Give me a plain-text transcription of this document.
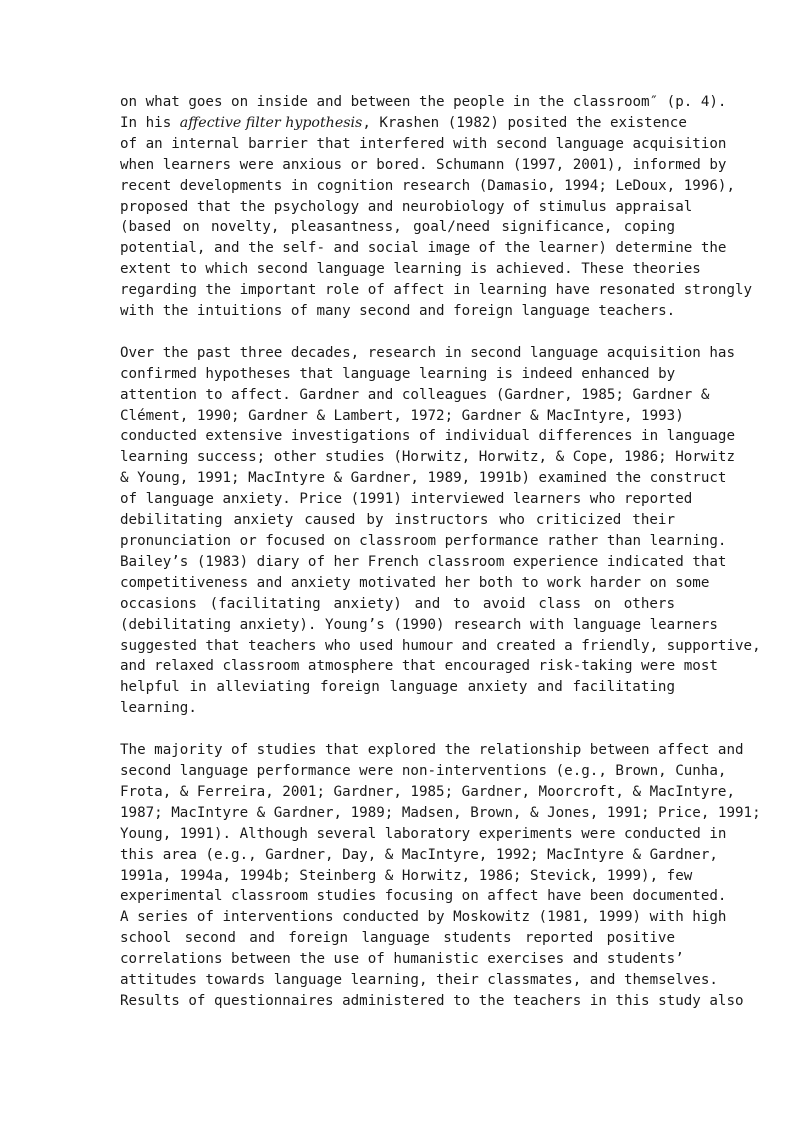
on what goes on inside and between the people in the classroom″ (p. 4).
In his affective filter hypothesis, Krashen (1982) posited the existence
of an internal barrier that interfered with second language acquisition
when learners were anxious or bored. Schumann (1997, 2001), informed by
recent developments in cognition research (Damasio, 1994; LeDoux, 1996),
proposed that the psychology and neurobiology of stimulus appraisal
(based on novelty, pleasantness, goal/need significance, coping
potential, and the self- and social image of the learner) determine the
extent to which second language learning is achieved. These theories
regarding the important role of affect in learning have resonated strongly
with the intuitions of many second and foreign language teachers.
Over the past three decades, research in second language acquisition has
confirmed hypotheses that language learning is indeed enhanced by
attention to affect. Gardner and colleagues (Gardner, 1985; Gardner &
Clément, 1990; Gardner & Lambert, 1972; Gardner & MacIntyre, 1993)
conducted extensive investigations of individual differences in language
learning success; other studies (Horwitz, Horwitz, & Cope, 1986; Horwitz
& Young, 1991; MacIntyre & Gardner, 1989, 1991b) examined the construct
of language anxiety. Price (1991) interviewed learners who reported
debilitating anxiety caused by instructors who criticized their
pronunciation or focused on classroom performance rather than learning.
Bailey’s (1983) diary of her French classroom experience indicated that
competitiveness and anxiety motivated her both to work harder on some
occasions (facilitating anxiety) and to avoid class on others
(debilitating anxiety). Young’s (1990) research with language learners
suggested that teachers who used humour and created a friendly, supportive,
and relaxed classroom atmosphere that encouraged risk-taking were most
helpful in alleviating foreign language anxiety and facilitating
learning.
The majority of studies that explored the relationship between affect and
second language performance were non-interventions (e.g., Brown, Cunha,
Frota, & Ferreira, 2001; Gardner, 1985; Gardner, Moorcroft, & MacIntyre,
1987; MacIntyre & Gardner, 1989; Madsen, Brown, & Jones, 1991; Price, 1991;
Young, 1991). Although several laboratory experiments were conducted in
this area (e.g., Gardner, Day, & MacIntyre, 1992; MacIntyre & Gardner,
1991a, 1994a, 1994b; Steinberg & Horwitz, 1986; Stevick, 1999), few
experimental classroom studies focusing on affect have been documented.
A series of interventions conducted by Moskowitz (1981, 1999) with high
school second and foreign language students reported positive
correlations between the use of humanistic exercises and students’
attitudes towards language learning, their classmates, and themselves.
Results of questionnaires administered to the teachers in this study also
